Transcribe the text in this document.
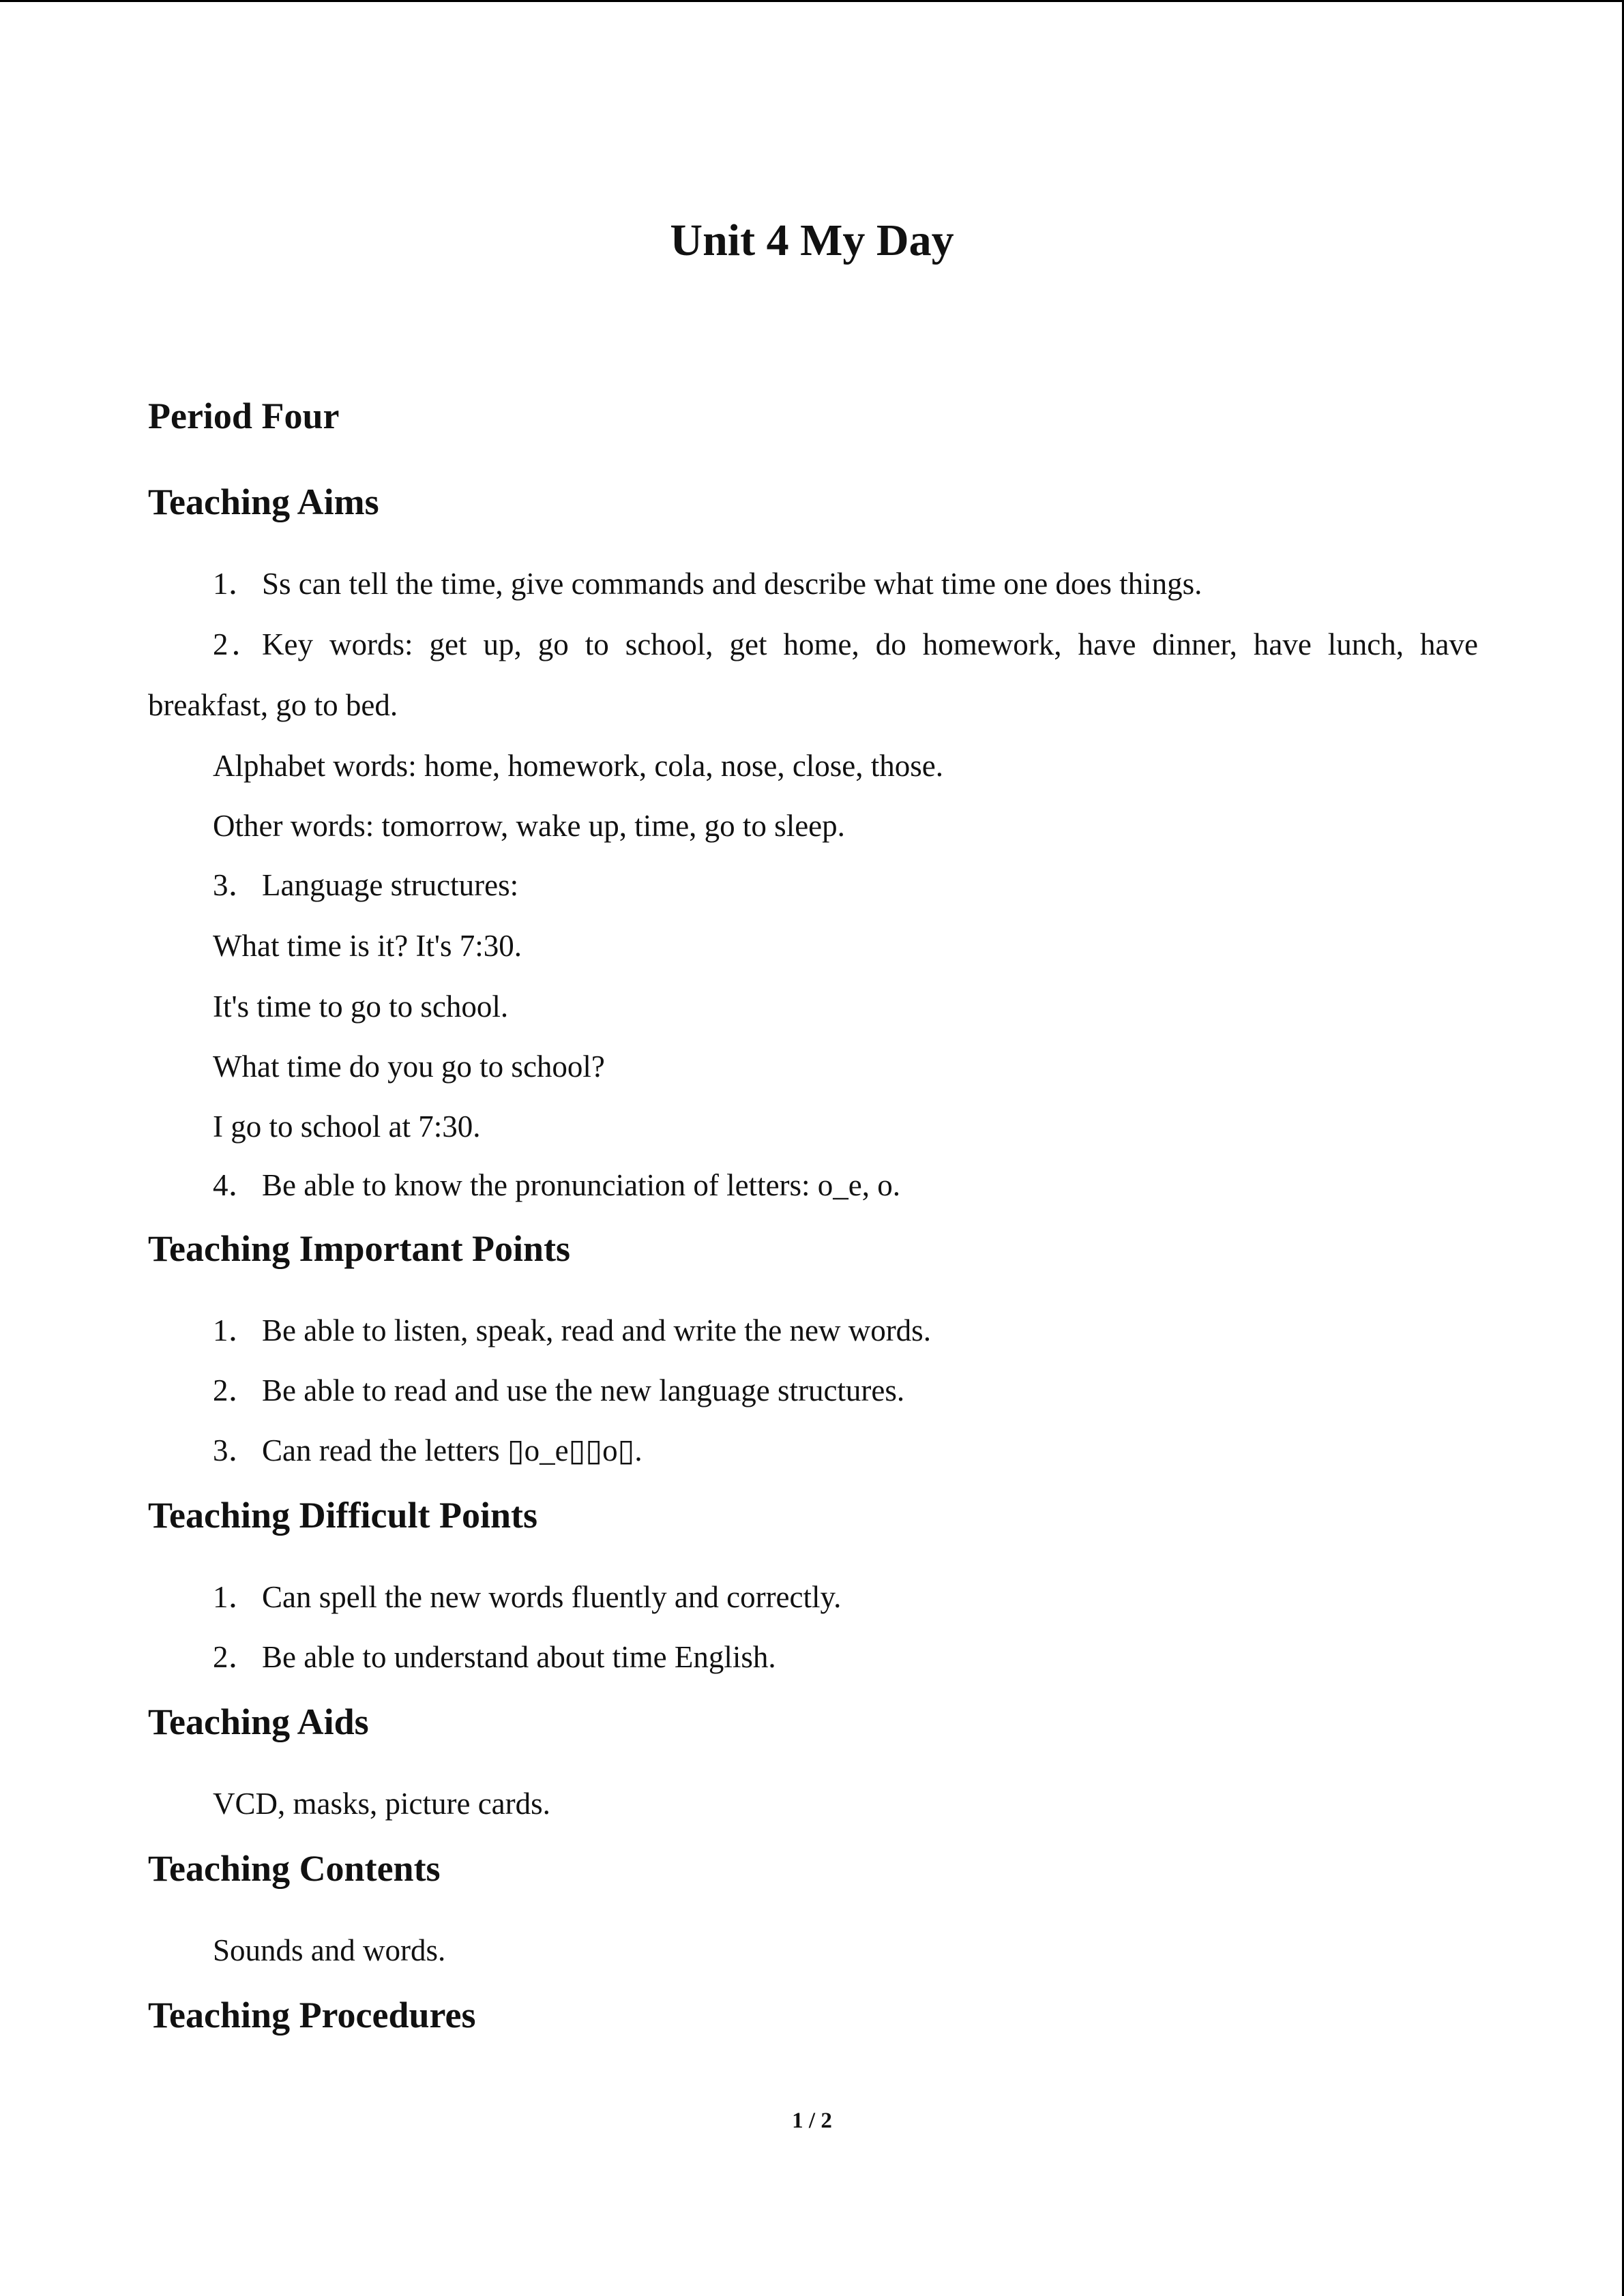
Unit 4 My Day
Period Four
Teaching Aims
1．Ss can tell the time, give commands and describe what time one does things.
2．Key words: get up, go to school, get home, do homework, have dinner, have lunch, have
breakfast, go to bed.
Alphabet words: home, homework, cola, nose, close, those.
Other words: tomorrow, wake up, time, go to sleep.
3．Language structures:
What time is it? It's 7:30.
It's time to go to school.
What time do you go to school?
I go to school at 7:30.
4．Be able to know the pronunciation of letters: o_e, o.
Teaching Important Points
1．Be able to listen, speak, read and write the new words.
2．Be able to read and use the new language structures.
3．Can read the letters ▯o_e▯▯o▯.
Teaching Difficult Points
1．Can spell the new words fluently and correctly.
2．Be able to understand about time English.
Teaching Aids
VCD, masks, picture cards.
Teaching Contents
Sounds and words.
Teaching Procedures
1 / 2
